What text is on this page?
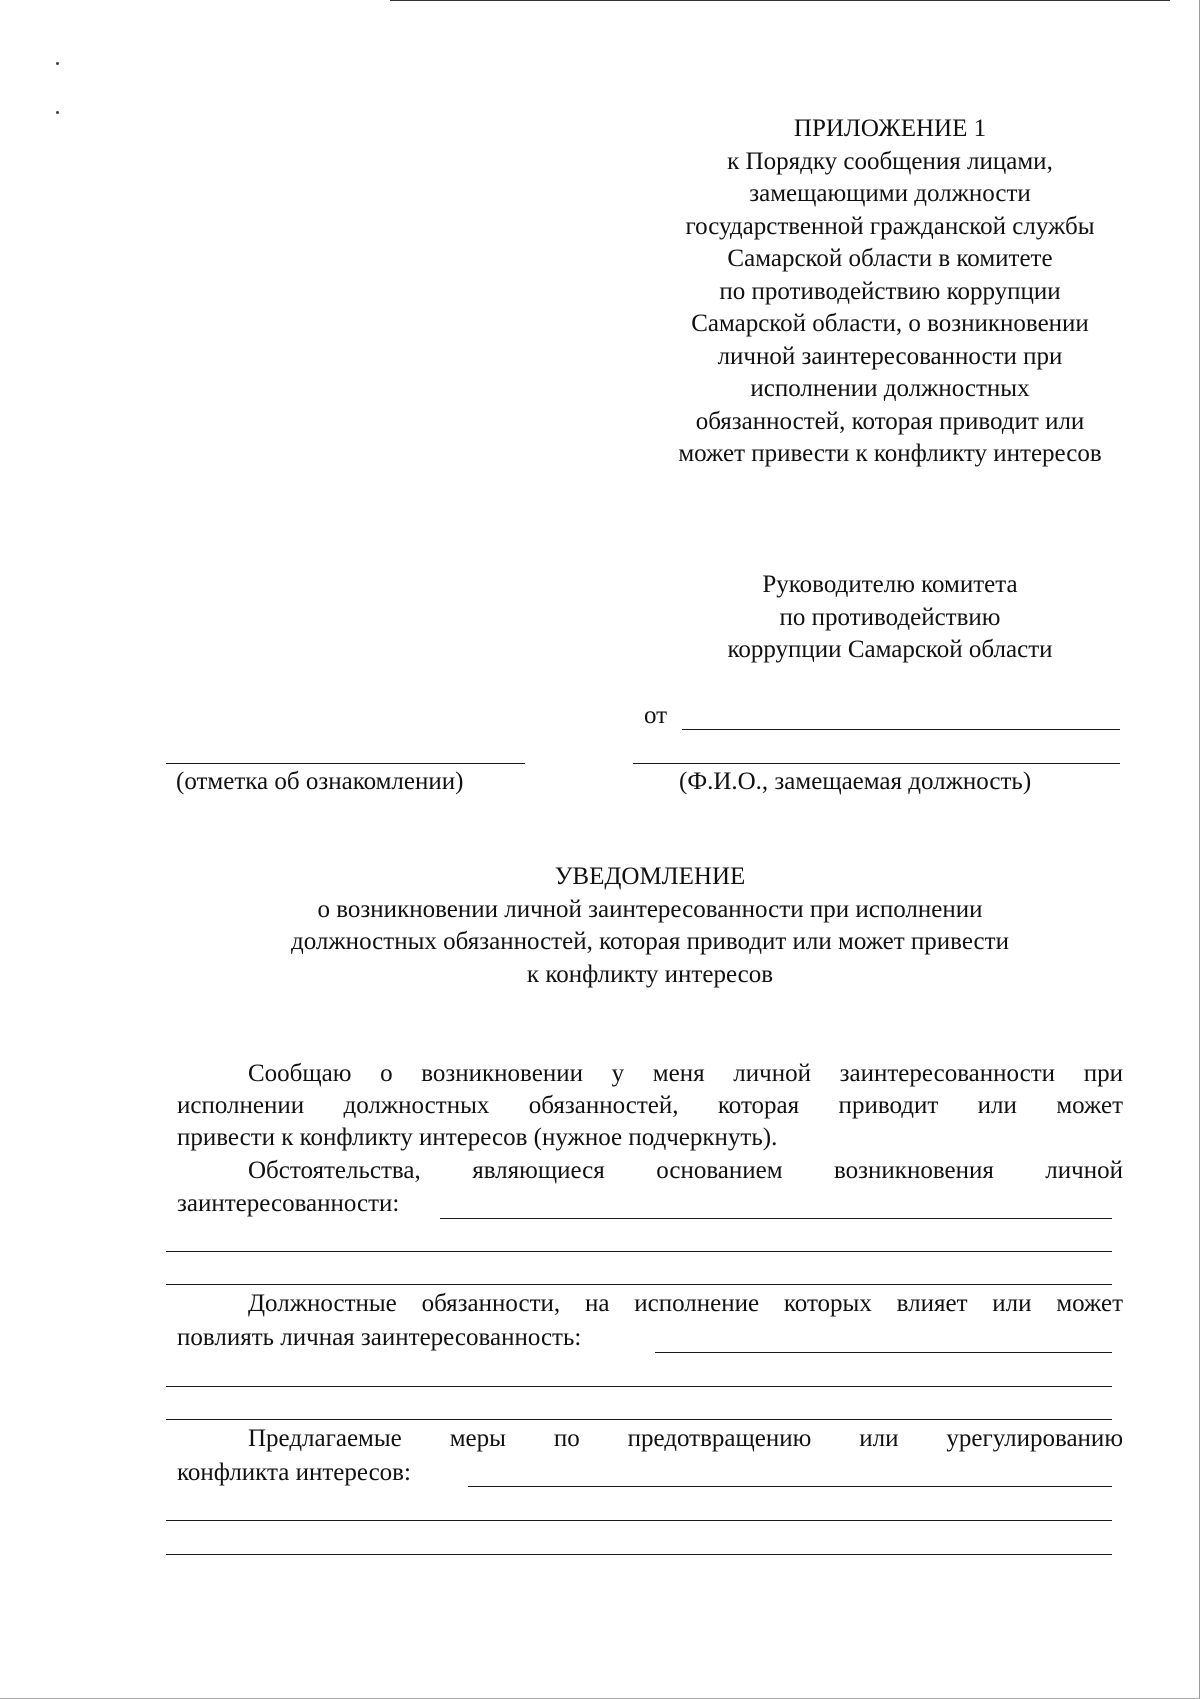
ПРИЛОЖЕНИЕ 1
к Порядку сообщения лицами,
замещающими должности
государственной гражданской службы
Самарской области в комитете
по противодействию коррупции
Самарской области, о возникновении
личной заинтересованности при
исполнении должностных
обязанностей, которая приводит или
может привести к конфликту интересов
Руководителю комитета
по противодействию
коррупции Самарской области
от
(отметка об ознакомлении)	(Ф.И.О., замещаемая должность)
УВЕДОМЛЕНИЕ
о возникновении личной заинтересованности при исполнении
должностных обязанностей, которая приводит или может привести
к конфликту интересов
Сообщаю о возникновении у меня личной заинтересованности при
исполнении должностных обязанностей, которая приводит или может
привести к конфликту интересов (нужное подчеркнуть).
Обстоятельства, являющиеся основанием возникновения личной
заинтересованности:
Должностные обязанности, на исполнение которых влияет или может
повлиять личная заинтересованность:
Предлагаемые меры по предотвращению или урегулированию
конфликта интересов:
